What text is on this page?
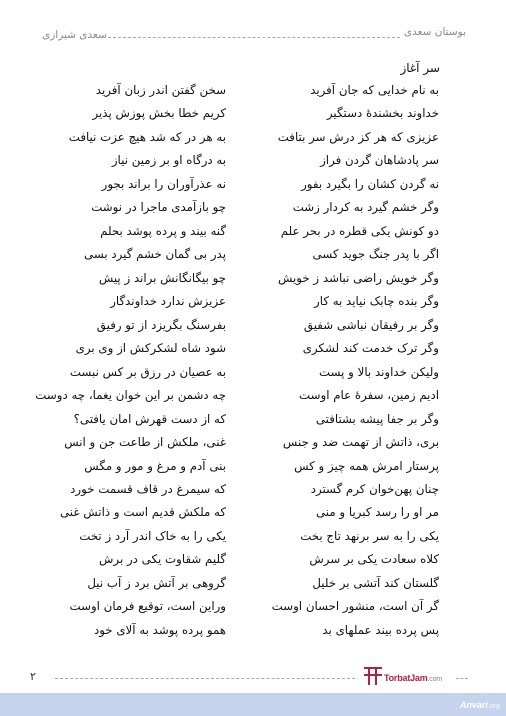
بوستان سعدی
سعدی شیرازی
سر آغاز
به نام خدایی که جان آفرید
سخن گفتن اندر زبان آفرید
خداوند بخشندهٔ دستگیر
کریم خطا بخش پوزش پذیر
عزیزی که هر کز درش سر بتافت
به هر در که شد هیچ عزت نیافت
سر پادشاهان گردن فراز
به درگاه او بر زمین نیاز
نه گردن کشان را بگیرد بفور
نه عذرآوران را براند بجور
وگر خشم گیرد به کردار زشت
چو بازآمدی ماجرا در نوشت
دو کونش یکی قطره در بحر علم
گنه بیند و پرده پوشد بحلم
اگر با پدر جنگ جوید کسی
پدر بی گمان خشم گیرد بسی
وگر خویش راضی نباشد ز خویش
چو بیگانگانش براند ز پیش
وگر بنده چابک نیاید به کار
عزیزش ندارد خداوندگار
وگر بر رفیقان نباشی شفیق
بفرسنگ بگریزد از تو رفیق
وگر ترک خدمت کند لشکری
شود شاه لشکرکش از وی بری
ولیکن خداوند بالا و پست
به عصیان در رزق بر کس نبست
ادیم زمین، سفرهٔ عام اوست
چه دشمن بر این خوان یغما، چه دوست
وگر بر جفا پیشه بشتافتی
که از دست قهرش امان یافتی؟
بری، ذاتش از تهمت ضد و جنس
غنی، ملکش از طاعت جن و انس
پرستار امرش همه چیز و کس
بنی آدم و مرغ و مور و مگس
چنان پهن‌خوان کرم گسترد
که سیمرغ در قاف قسمت خورد
مر او را رسد کبریا و منی
که ملکش قدیم است و ذاتش غنی
یکی را به سر برنهد تاج بخت
یکی را به خاک اندر آرد ز تخت
کلاه سعادت یکی بر سرش
گلیم شقاوت یکی در برش
گلستان کند آتشی بر خلیل
گروهی بر آتش برد ز آب نیل
گر آن است، منشور احسان اوست
وراین است، توقیع فرمان اوست
پس پرده بیند عملهای بد
همو پرده پوشد به آلای خود
۲	TorbatJam.com
Anvari.org
